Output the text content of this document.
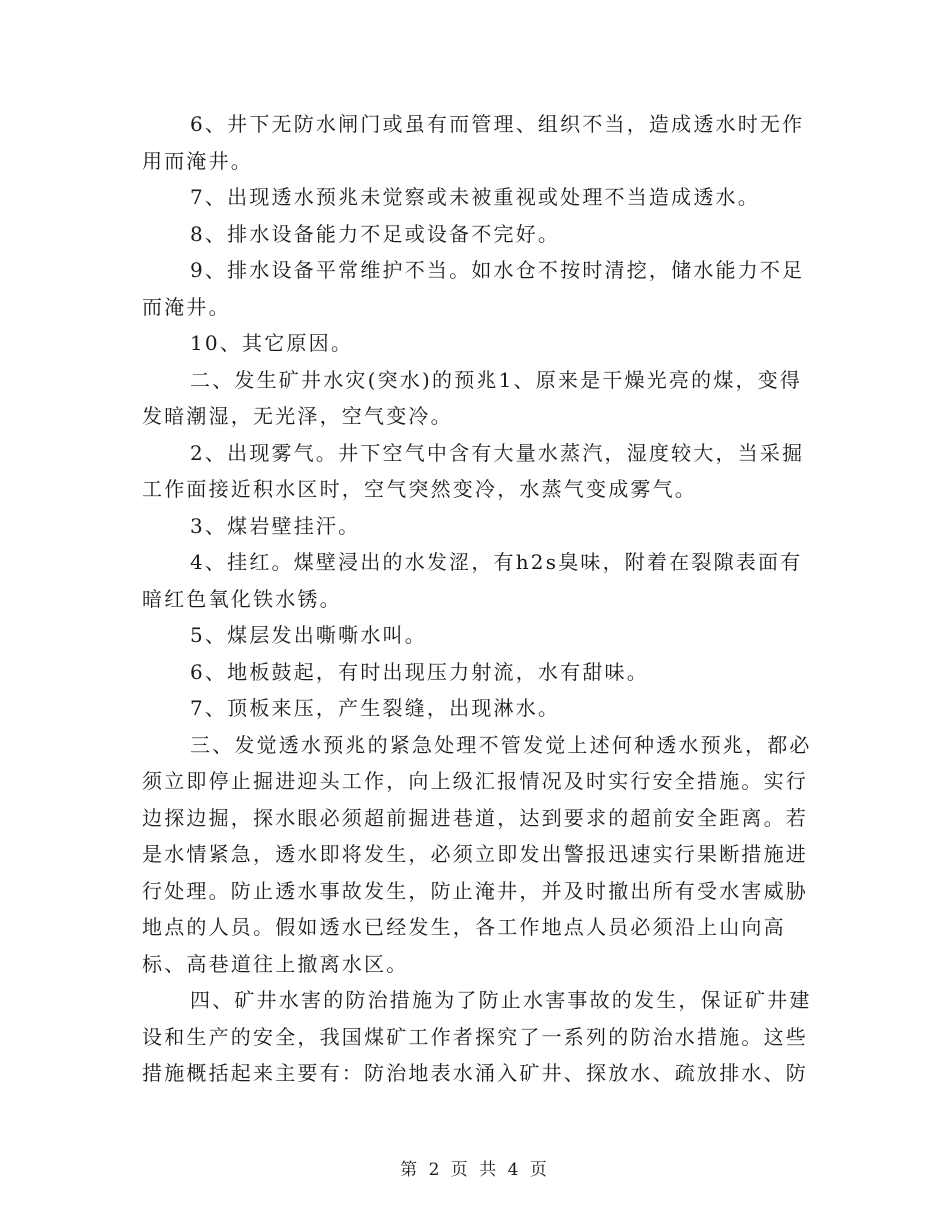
6、井下无防水闸门或虽有而管理、组织不当，造成透水时无作用而淹井。

7、出现透水预兆未觉察或未被重视或处理不当造成透水。

8、排水设备能力不足或设备不完好。

9、排水设备平常维护不当。如水仓不按时清挖，储水能力不足而淹井。

10、其它原因。

二、发生矿井水灾(突水)的预兆1、原来是干燥光亮的煤，变得发暗潮湿，无光泽，空气变冷。

2、出现雾气。井下空气中含有大量水蒸汽，湿度较大，当采掘工作面接近积水区时，空气突然变冷，水蒸气变成雾气。

3、煤岩壁挂汗。

4、挂红。煤壁浸出的水发涩，有h2s臭味，附着在裂隙表面有暗红色氧化铁水锈。

5、煤层发出嘶嘶水叫。

6、地板鼓起，有时出现压力射流，水有甜味。

7、顶板来压，产生裂缝，出现淋水。

三、发觉透水预兆的紧急处理不管发觉上述何种透水预兆，都必须立即停止掘进迎头工作，向上级汇报情况及时实行安全措施。实行边探边掘，探水眼必须超前掘进巷道，达到要求的超前安全距离。若是水情紧急，透水即将发生，必须立即发出警报迅速实行果断措施进行处理。防止透水事故发生，防止淹井，并及时撤出所有受水害威胁地点的人员。假如透水已经发生，各工作地点人员必须沿上山向高标、高巷道往上撤离水区。

四、矿井水害的防治措施为了防止水害事故的发生，保证矿井建设和生产的安全，我国煤矿工作者探究了一系列的防治水措施。这些措施概括起来主要有：防治地表水涌入矿井、探放水、疏放排水、防

第 2 页 共 4 页
